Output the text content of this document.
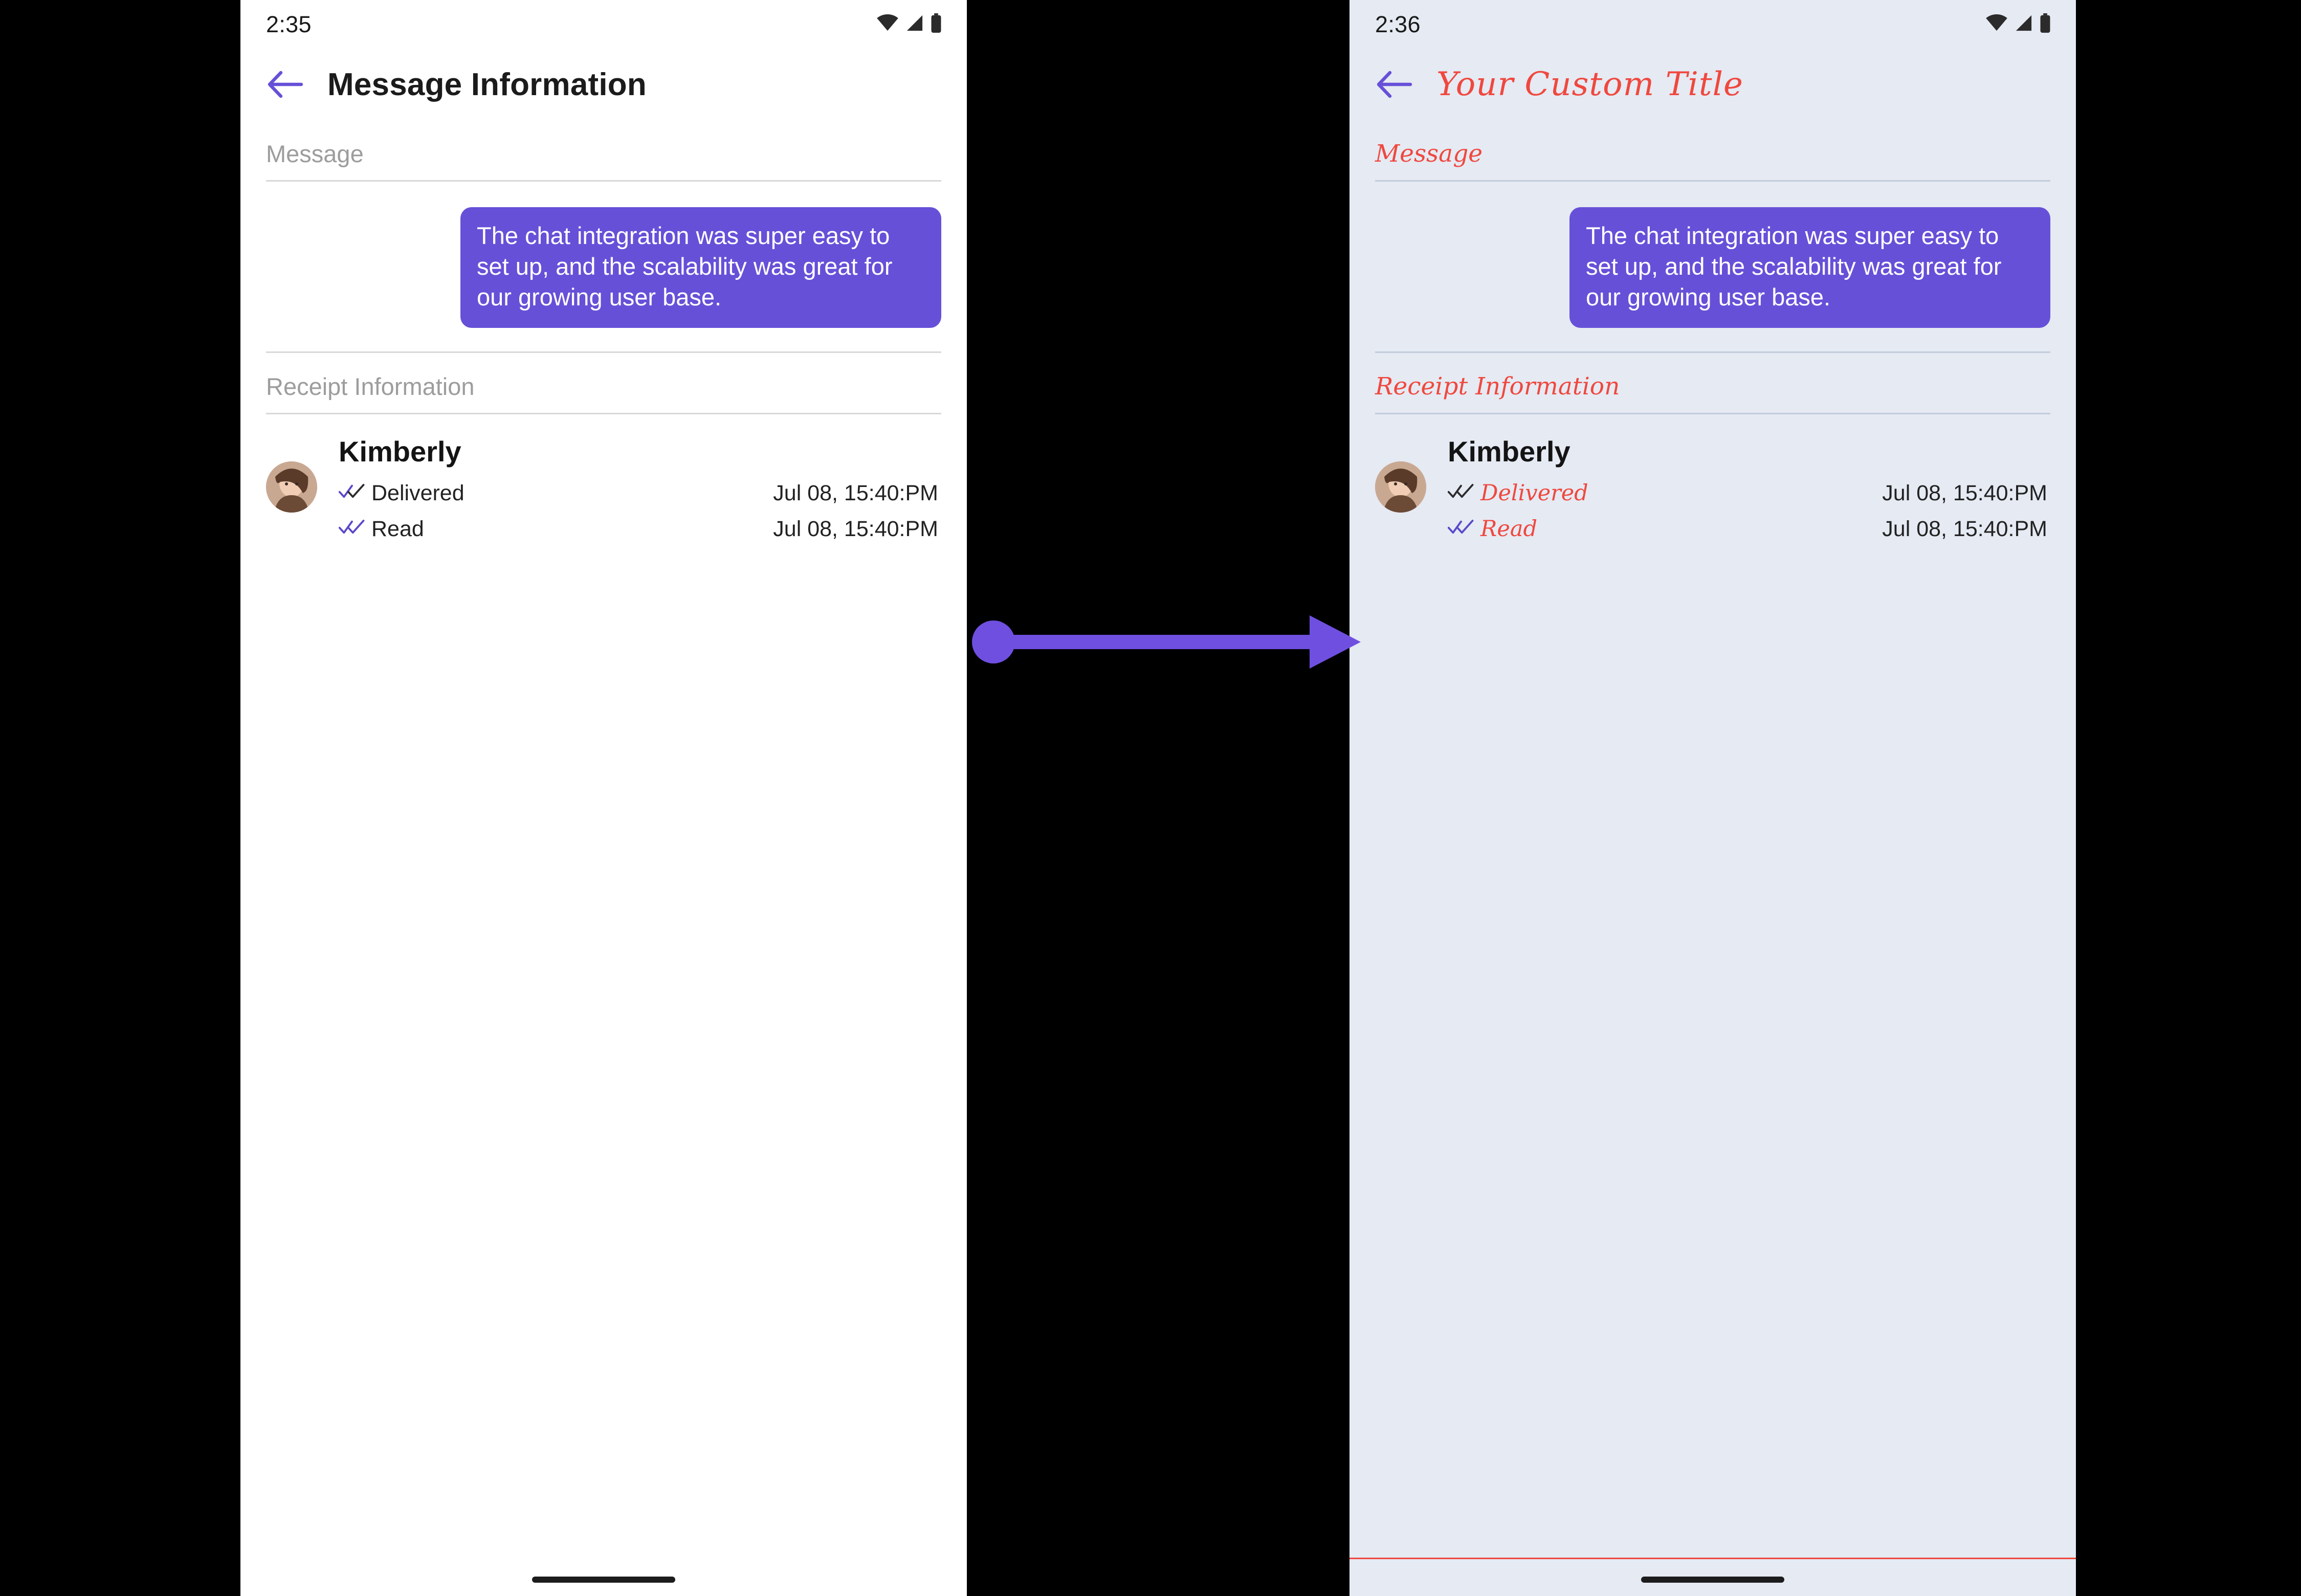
2:35
Message Information
Message
The chat integration was super easy to set up, and the scalability was great for our growing user base.
Receipt Information
Kimberly
Delivered	Jul 08, 15:40:PM
Read	Jul 08, 15:40:PM
2:36
Your Custom Title
Message
The chat integration was super easy to set up, and the scalability was great for our growing user base.
Receipt Information
Kimberly
Delivered	Jul 08, 15:40:PM
Read	Jul 08, 15:40:PM
